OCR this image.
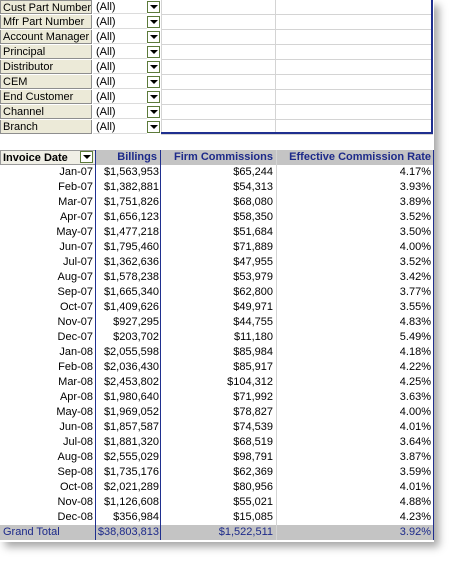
Cust Part Number (All)
Mfr Part Number	(All)
Account Manager (All)
Principal	(All)
Distributor	(All)
CEM	(All)
End Customer	(All)
Channel	(All)
Branch	(All)
Invoice Date	Billings	Firm Commissions	Effective Commission Rate
Jan-07 $1,563,953	$65,244	4.17%
Feb-07 $1,382,881	$54,313	3.93%
Mar-07 $1,751,826	$68,080	3.89%
Apr-07 $1,656,123	$58,350	3.52%
May-07 $1,477,218	$51,684	3.50%
Jun-07 $1,795,460	$71,889	4.00%
Jul-07 $1,362,636	$47,955	3.52%
Aug-07 $1,578,238	$53,979	3.42%
Sep-07 $1,665,340	$62,800	3.77%
Oct-07 $1,409,626	$49,971	3.55%
Nov-07	$927,295	$44,755	4.83%
Dec-07	$203,702	$11,180	5.49%
Jan-08 $2,055,598	$85,984	4.18%
Feb-08 $2,036,430	$85,917	4.22%
Mar-08 $2,453,802	$104,312	4.25%
Apr-08 $1,980,640	$71,992	3.63%
May-08 $1,969,052	$78,827	4.00%
Jun-08 $1,857,587	$74,539	4.01%
Jul-08 $1,881,320	$68,519	3.64%
Aug-08 $2,555,029	$98,791	3.87%
Sep-08 $1,735,176	$62,369	3.59%
Oct-08 $2,021,289	$80,956	4.01%
Nov-08 $1,126,608	$55,021	4.88%
Dec-08	$356,984	$15,085	4.23%
Grand Total	$38,803,813	$1,522,511	3.92%
